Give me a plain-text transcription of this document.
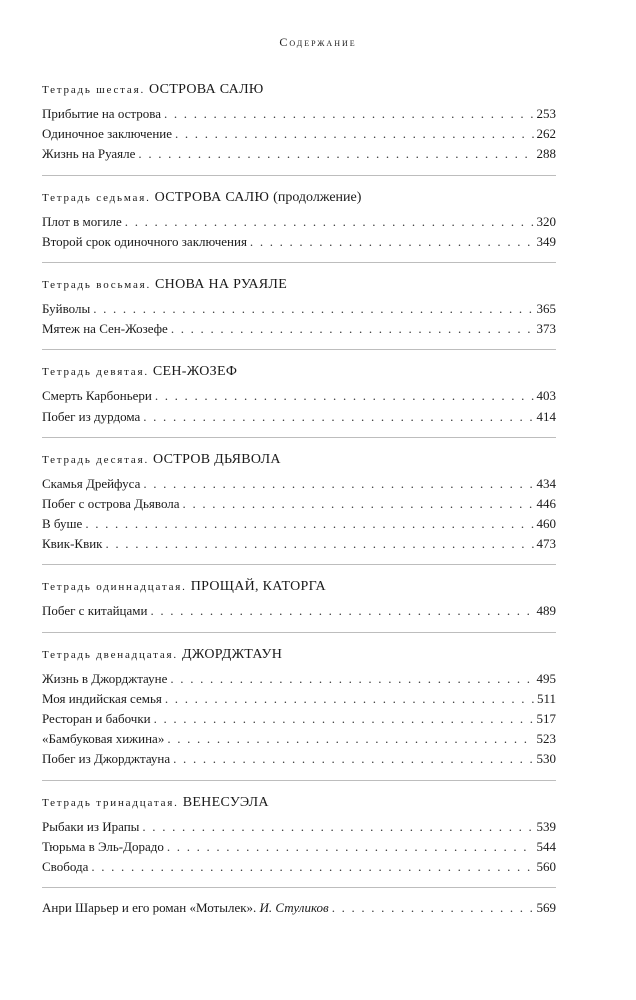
Содержание
Тетрадь шестая. ОСТРОВА САЛЮ
Прибытие на острова . . .	253
Одиночное заключение . . .	262
Жизнь на Руаяле . . .	288
Тетрадь седьмая. ОСТРОВА САЛЮ (продолжение)
Плот в могиле . . .	320
Второй срок одиночного заключения . . .	349
Тетрадь восьмая. СНОВА НА РУАЯЛЕ
Буйволы . . .	365
Мятеж на Сен-Жозефе . . .	373
Тетрадь девятая. СЕН-ЖОЗЕФ
Смерть Карбоньери . . .	403
Побег из дурдома . . .	414
Тетрадь десятая. ОСТРОВ ДЬЯВОЛА
Скамья Дрейфуса . . .	434
Побег с острова Дьявола . . .	446
В буше . . .	460
Квик-Квик . . .	473
Тетрадь одиннадцатая. ПРОЩАЙ, КАТОРГА
Побег с китайцами . . .	489
Тетрадь двенадцатая. ДЖОРДЖТАУН
Жизнь в Джорджтауне . . .	495
Моя индийская семья . . .	511
Ресторан и бабочки . . .	517
«Бамбуковая хижина» . . .	523
Побег из Джорджтауна . . .	530
Тетрадь тринадцатая. ВЕНЕСУЭЛА
Рыбаки из Ирапы . . .	539
Тюрьма в Эль-Дорадо . . .	544
Свобода . . .	560
Анри Шарьер и его роман «Мотылек». И. Стуликов . . .	569
